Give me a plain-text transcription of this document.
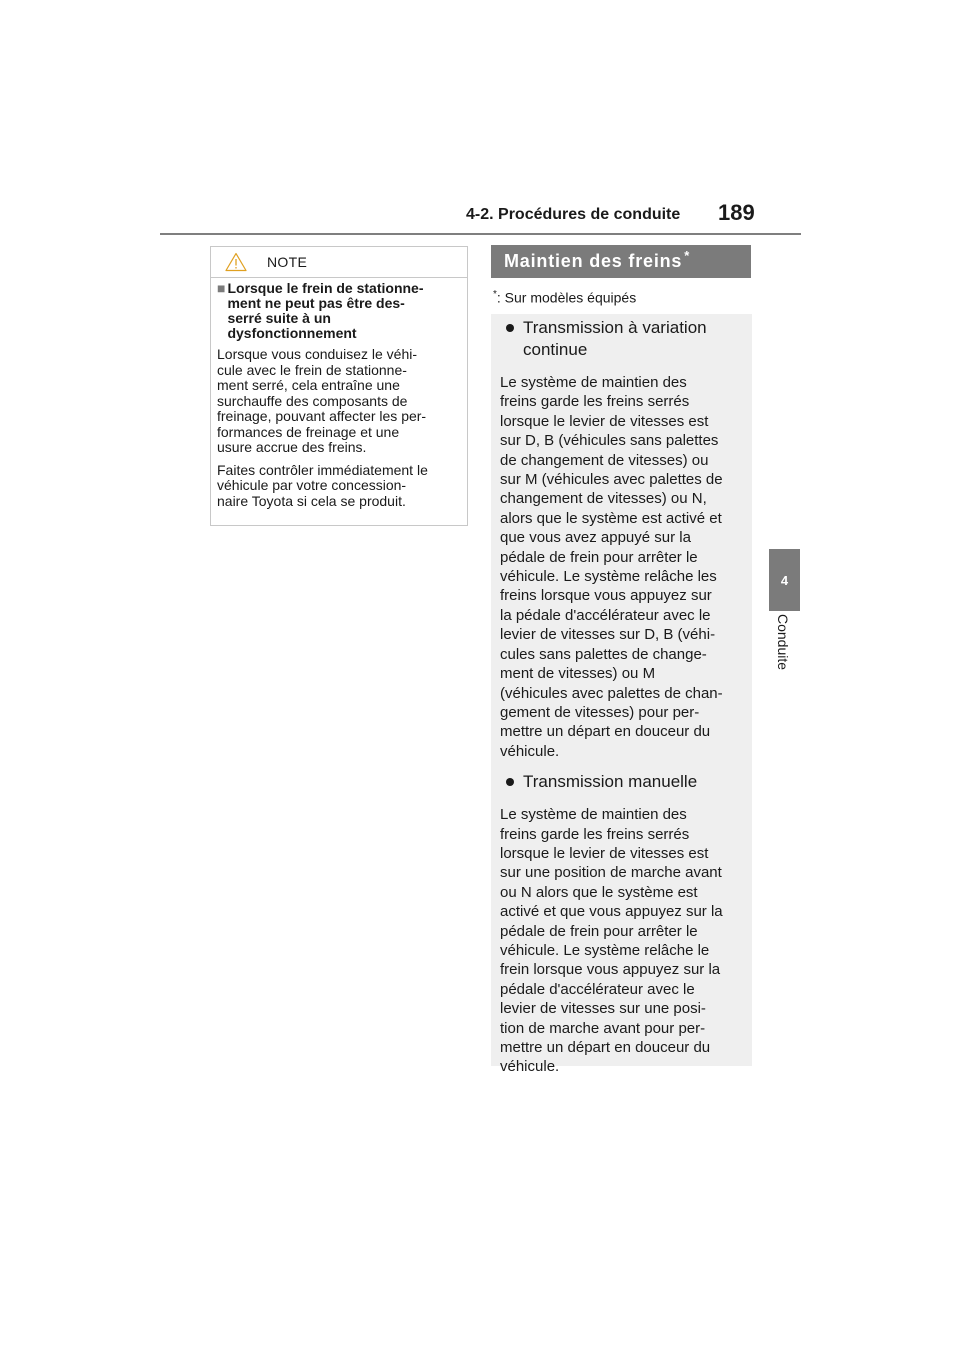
4-2. Procédures de conduite 189
4
Conduite
NOTE
■ Lorsque le frein de stationne-
ment ne peut pas être des-
serré suite à un
dysfonctionnement

Lorsque vous conduisez le véhi-
cule avec le frein de stationne-
ment serré, cela entraîne une
surchauffe des composants de
freinage, pouvant affecter les per-
formances de freinage et une
usure accrue des freins.

Faites contrôler immédiatement le
véhicule par votre concession-
naire Toyota si cela se produit.

Maintien des freins*
*: Sur modèles équipés
Transmission à variation
continue

Le système de maintien des
freins garde les freins serrés
lorsque le levier de vitesses est
sur D, B (véhicules sans palettes
de changement de vitesses) ou
sur M (véhicules avec palettes de
changement de vitesses) ou N,
alors que le système est activé et
que vous avez appuyé sur la
pédale de frein pour arrêter le
véhicule. Le système relâche les
freins lorsque vous appuyez sur
la pédale d'accélérateur avec le
levier de vitesses sur D, B (véhi-
cules sans palettes de change-
ment de vitesses) ou M
(véhicules avec palettes de chan-
gement de vitesses) pour per-
mettre un départ en douceur du
véhicule.

Transmission manuelle

Le système de maintien des
freins garde les freins serrés
lorsque le levier de vitesses est
sur une position de marche avant
ou N alors que le système est
activé et que vous appuyez sur la
pédale de frein pour arrêter le
véhicule. Le système relâche le
frein lorsque vous appuyez sur la
pédale d'accélérateur avec le
levier de vitesses sur une posi-
tion de marche avant pour per-
mettre un départ en douceur du
véhicule.
